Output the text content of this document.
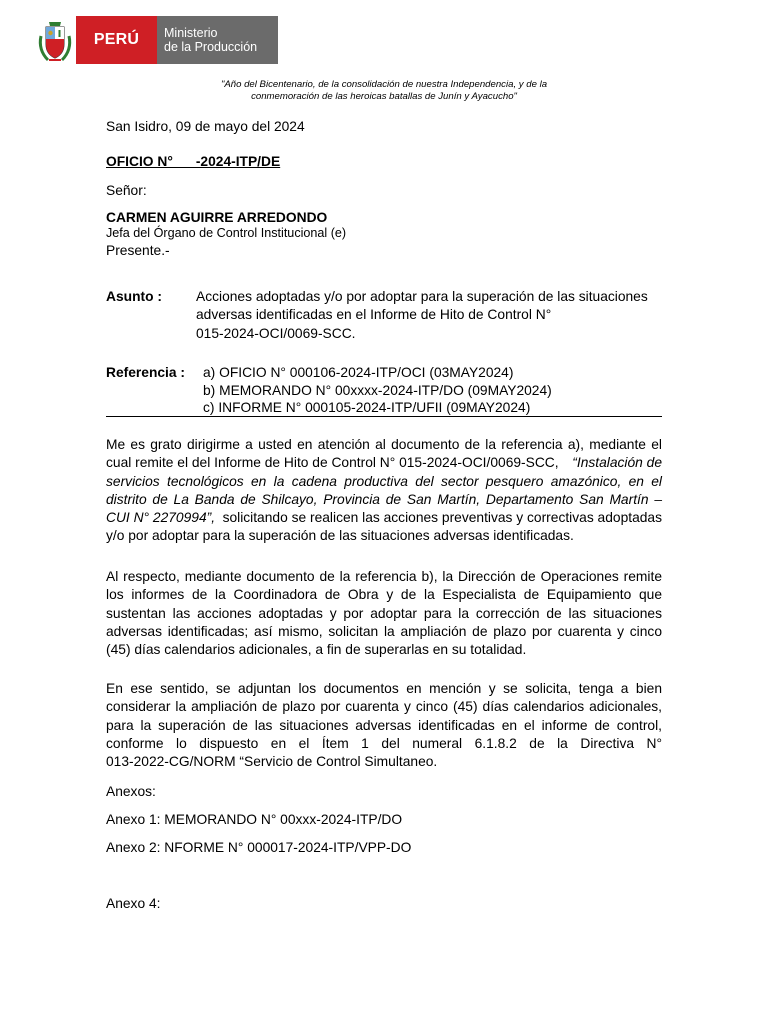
PERÚ	Ministerio
de la Producción
"Año del Bicentenario, de la consolidación de nuestra Independencia, y de la
conmemoración de las heroicas batallas de Junín y Ayacucho"
San Isidro, 09 de mayo del 2024
OFICIO N°      -2024-ITP/DE
Señor:
CARMEN AGUIRRE ARREDONDO
Jefa del Órgano de Control Institucional (e)
Presente.-
Asunto : Acciones adoptadas y/o por adoptar para la superación de las situaciones
adversas identificadas en el Informe de Hito de Control N°
015-2024-OCI/0069-SCC.
Referencia : a) OFICIO N° 000106-2024-ITP/OCI (03MAY2024)
b) MEMORANDO N° 00xxxx-2024-ITP/DO (09MAY2024)
c) INFORME N° 000105-2024-ITP/UFII (09MAY2024)
Me es grato dirigirme a usted en atención al documento de la referencia a), mediante el
cual remite el del Informe de Hito de Control N° 015-2024-OCI/0069-SCC, “Instalación de
servicios tecnológicos en la cadena productiva del sector pesquero amazónico, en el
distrito de La Banda de Shilcayo, Provincia de San Martín, Departamento San Martín –
CUI N° 2270994”, solicitando se realicen las acciones preventivas y correctivas adoptadas
y/o por adoptar para la superación de las situaciones adversas identificadas.
Al respecto, mediante documento de la referencia b), la Dirección de Operaciones remite
los informes de la Coordinadora de Obra y de la Especialista de Equipamiento que
sustentan las acciones adoptadas y por adoptar para la corrección de las situaciones
adversas identificadas; así mismo, solicitan la ampliación de plazo por cuarenta y cinco
(45) días calendarios adicionales, a fin de superarlas en su totalidad.
En ese sentido, se adjuntan los documentos en mención y se solicita, tenga a bien
considerar la ampliación de plazo por cuarenta y cinco (45) días calendarios adicionales,
para la superación de las situaciones adversas identificadas en el informe de control,
conforme lo dispuesto en el Ítem 1 del numeral 6.1.8.2 de la Directiva N°
013-2022-CG/NORM “Servicio de Control Simultaneo.
Anexos:
Anexo 1: MEMORANDO N° 00xxx-2024-ITP/DO
Anexo 2: NFORME N° 000017-2024-ITP/VPP-DO
Anexo 4:
